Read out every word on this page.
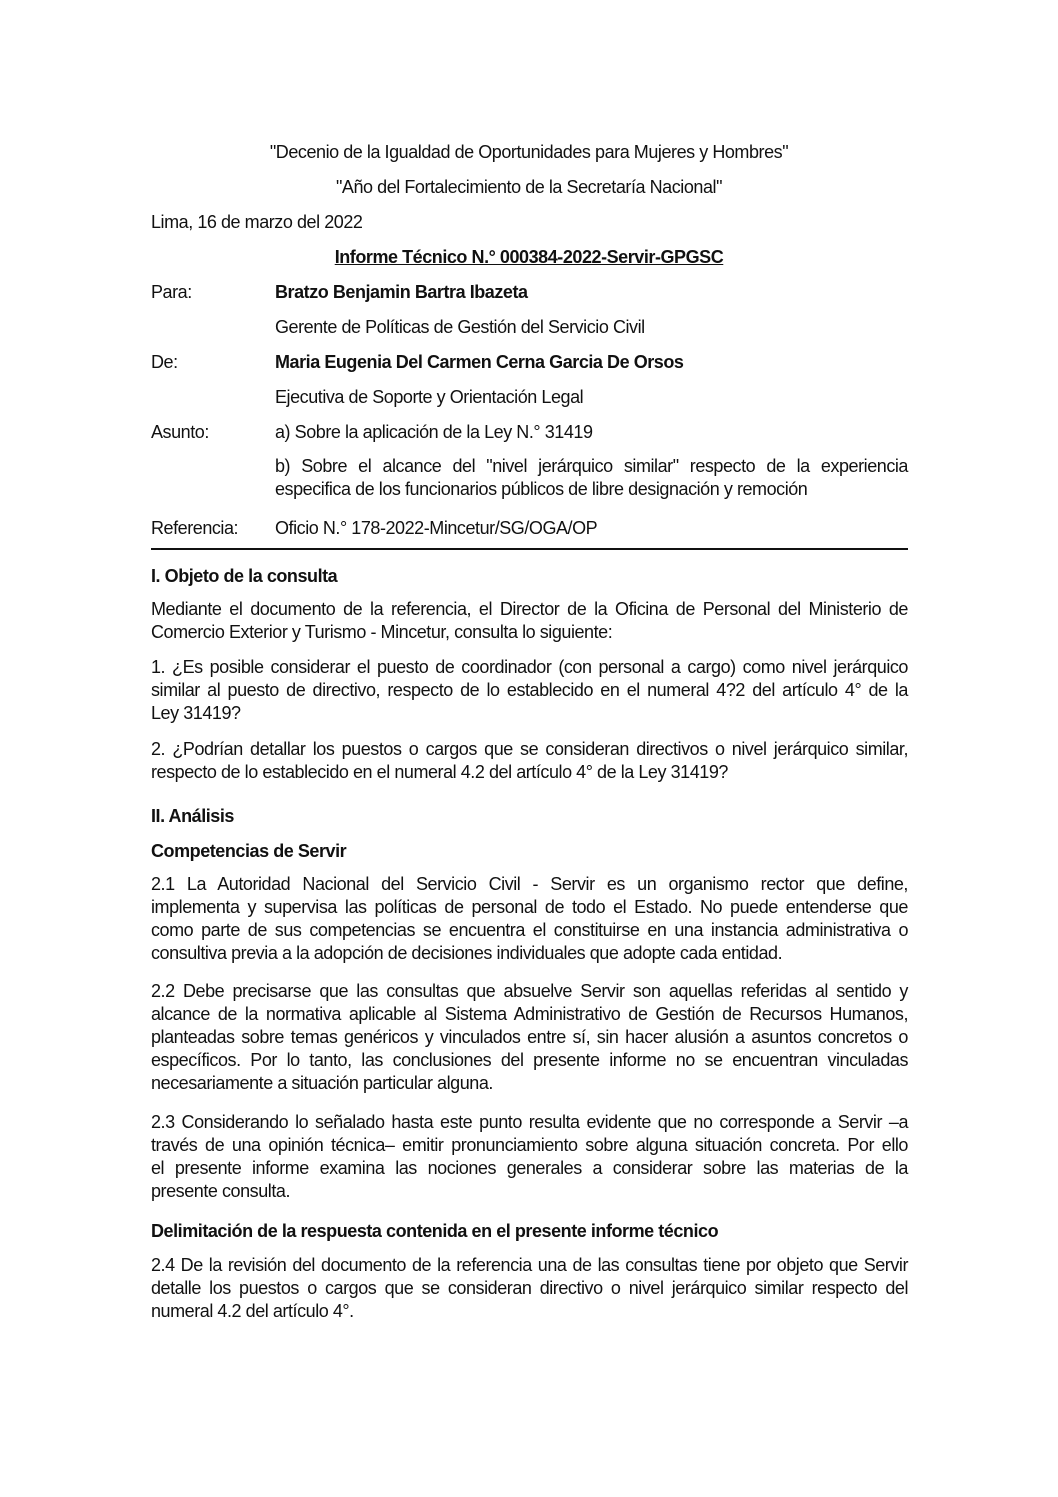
"Decenio de la Igualdad de Oportunidades para Mujeres y Hombres"
"Año del Fortalecimiento de la Secretaría Nacional"
Lima, 16 de marzo del 2022
Informe Técnico N.° 000384-2022-Servir-GPGSC
Para:	Bratzo Benjamin Bartra Ibazeta
Gerente de Políticas de Gestión del Servicio Civil
De:	Maria Eugenia Del Carmen Cerna Garcia De Orsos
Ejecutiva de Soporte y Orientación Legal
Asunto:	a) Sobre la aplicación de la Ley N.° 31419
b) Sobre el alcance del "nivel jerárquico similar" respecto de la experiencia
especifica de los funcionarios públicos de libre designación y remoción
Referencia: Oficio N.° 178-2022-Mincetur/SG/OGA/OP
I. Objeto de la consulta
Mediante el documento de la referencia, el Director de la Oficina de Personal del Ministerio de
Comercio Exterior y Turismo - Mincetur, consulta lo siguiente:
1. ¿Es posible considerar el puesto de coordinador (con personal a cargo) como nivel jerárquico
similar al puesto de directivo, respecto de lo establecido en el numeral 4?2 del artículo 4° de la
Ley 31419?
2. ¿Podrían detallar los puestos o cargos que se consideran directivos o nivel jerárquico similar,
respecto de lo establecido en el numeral 4.2 del artículo 4° de la Ley 31419?
II. Análisis
Competencias de Servir
2.1 La Autoridad Nacional del Servicio Civil - Servir es un organismo rector que define,
implementa y supervisa las políticas de personal de todo el Estado. No puede entenderse que
como parte de sus competencias se encuentra el constituirse en una instancia administrativa o
consultiva previa a la adopción de decisiones individuales que adopte cada entidad.
2.2 Debe precisarse que las consultas que absuelve Servir son aquellas referidas al sentido y
alcance de la normativa aplicable al Sistema Administrativo de Gestión de Recursos Humanos,
planteadas sobre temas genéricos y vinculados entre sí, sin hacer alusión a asuntos concretos o
específicos. Por lo tanto, las conclusiones del presente informe no se encuentran vinculadas
necesariamente a situación particular alguna.
2.3 Considerando lo señalado hasta este punto resulta evidente que no corresponde a Servir –a
través de una opinión técnica– emitir pronunciamiento sobre alguna situación concreta. Por ello
el presente informe examina las nociones generales a considerar sobre las materias de la
presente consulta.
Delimitación de la respuesta contenida en el presente informe técnico
2.4 De la revisión del documento de la referencia una de las consultas tiene por objeto que Servir
detalle los puestos o cargos que se consideran directivo o nivel jerárquico similar respecto del
numeral 4.2 del artículo 4°.
